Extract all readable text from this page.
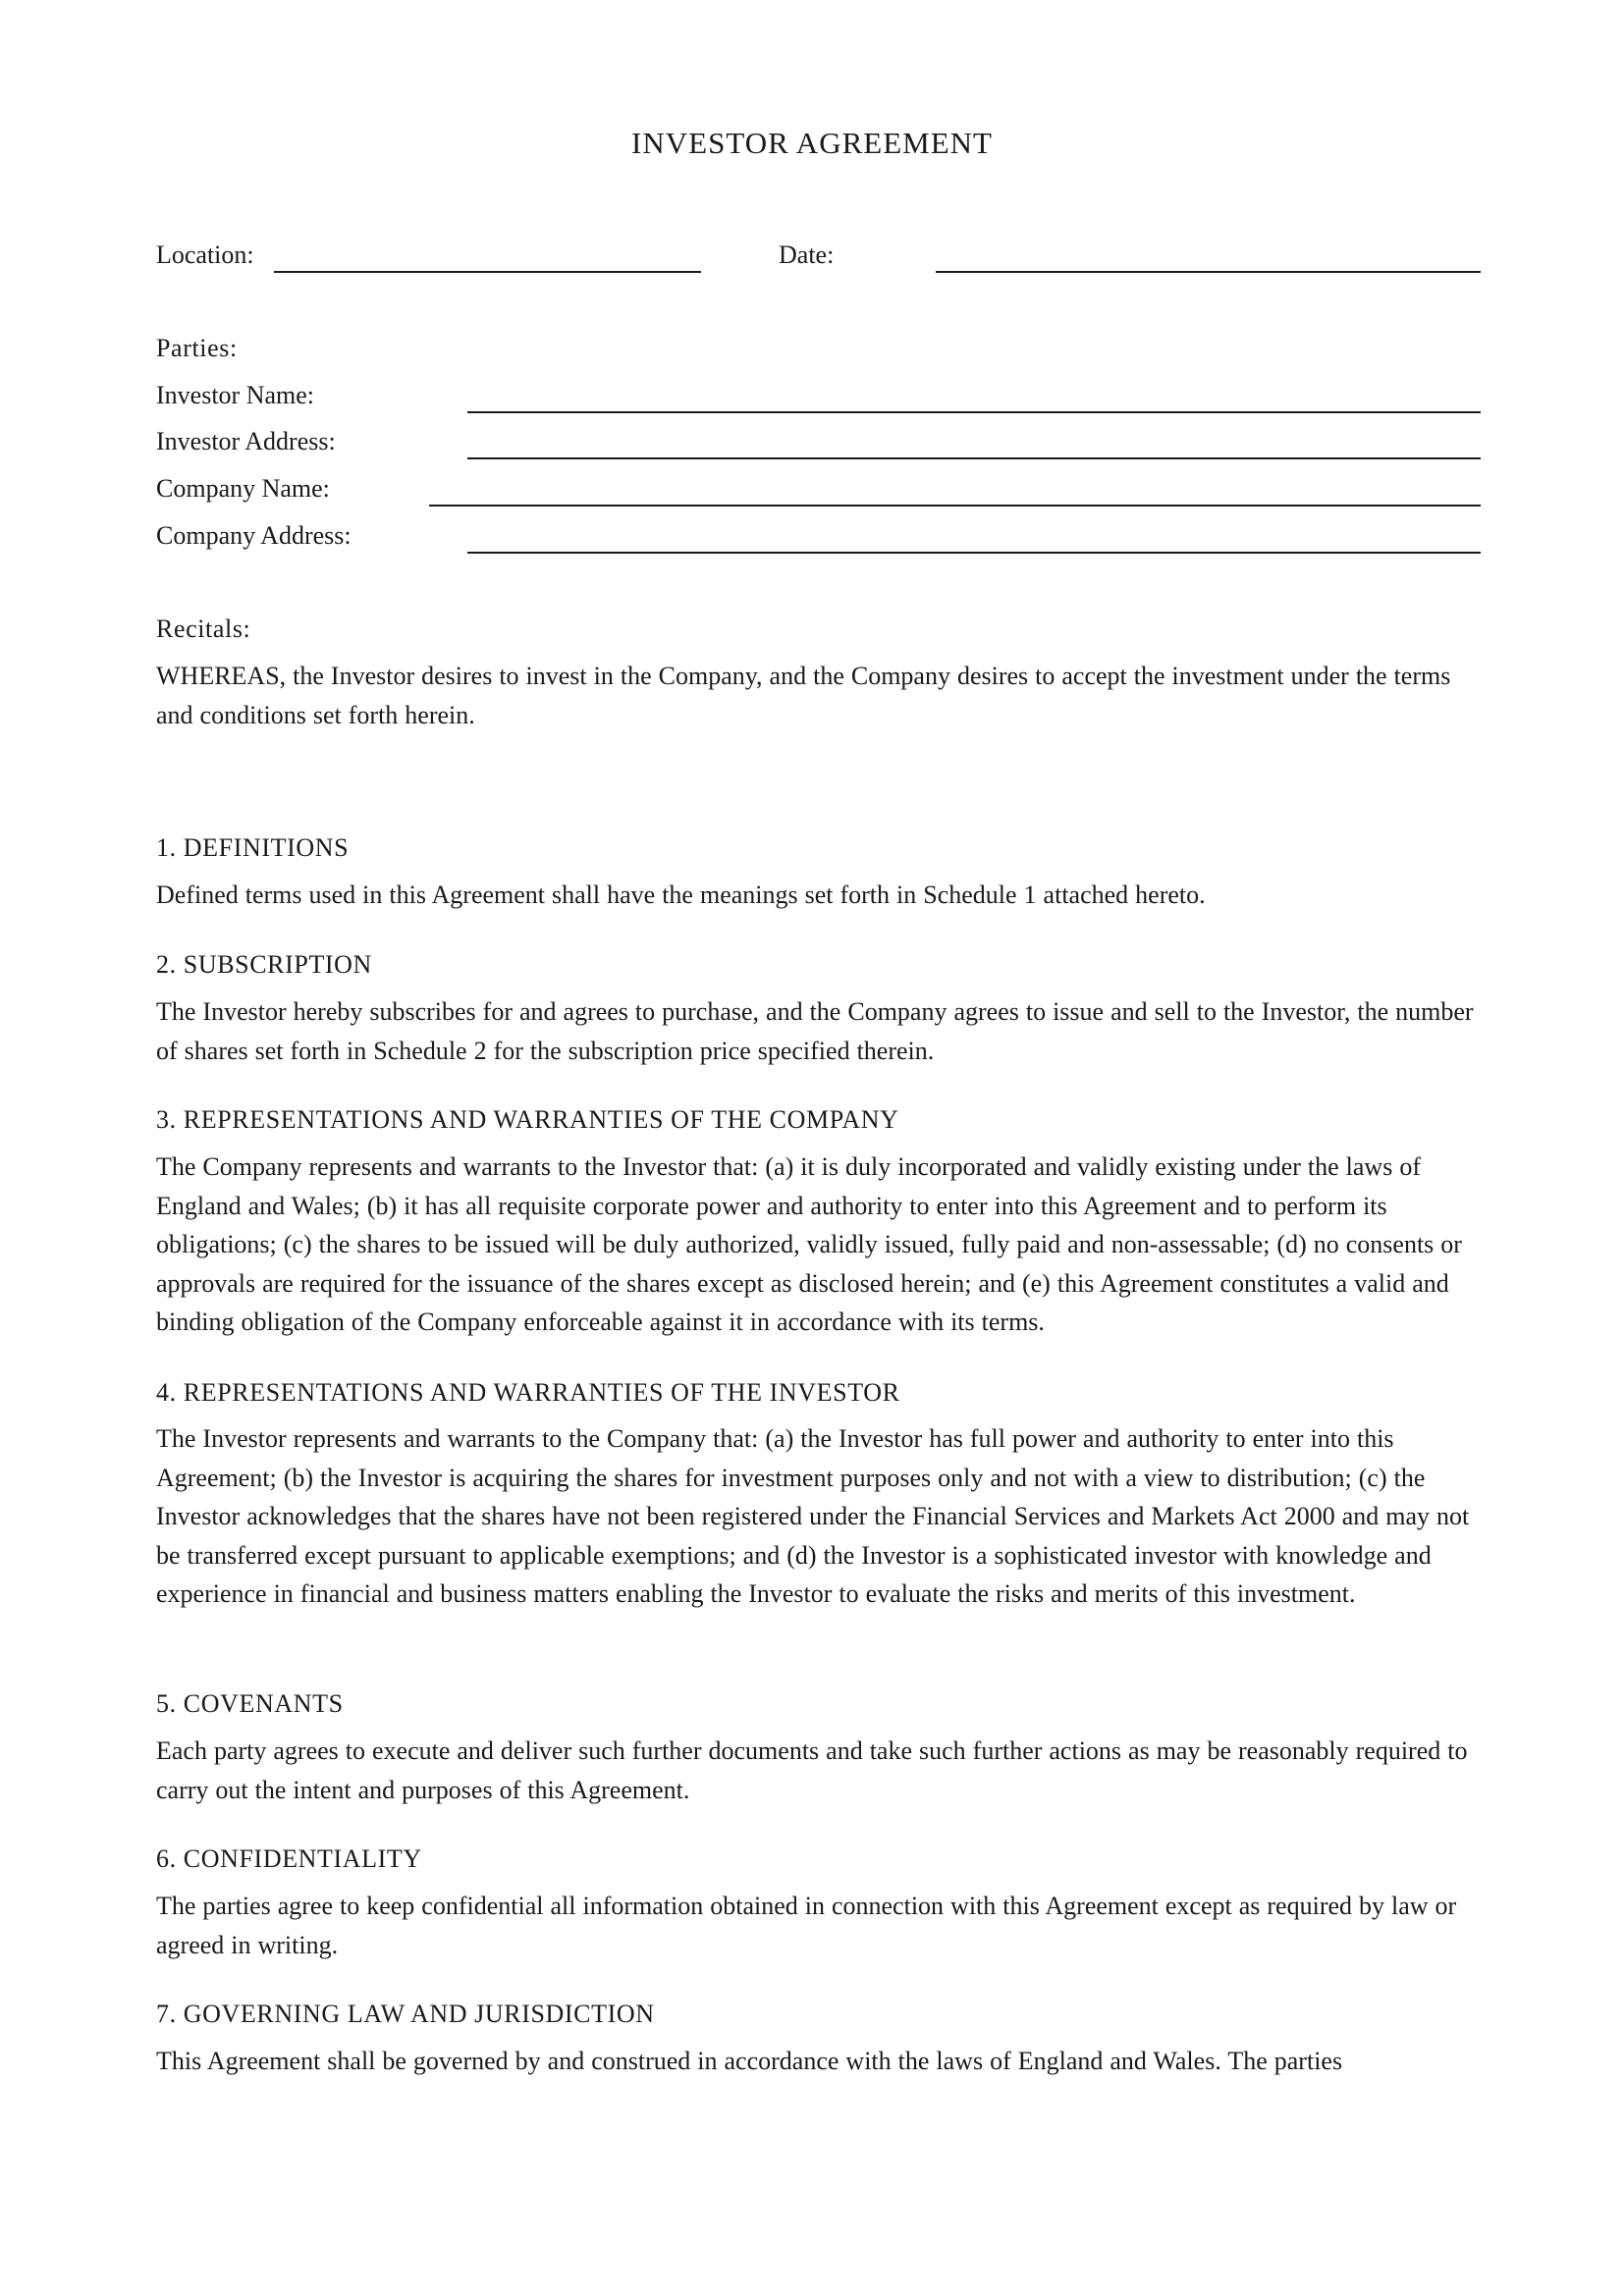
INVESTOR AGREEMENT
Location:	Date:
Parties:
Investor Name:
Investor Address:
Company Name:
Company Address:
Recitals:
WHEREAS, the Investor desires to invest in the Company, and the Company desires to accept the investment under the terms and conditions set forth herein.
1. DEFINITIONS
Defined terms used in this Agreement shall have the meanings set forth in Schedule 1 attached hereto.
2. SUBSCRIPTION
The Investor hereby subscribes for and agrees to purchase, and the Company agrees to issue and sell to the Investor, the number of shares set forth in Schedule 2 for the subscription price specified therein.
3. REPRESENTATIONS AND WARRANTIES OF THE COMPANY
The Company represents and warrants to the Investor that: (a) it is duly incorporated and validly existing under the laws of England and Wales; (b) it has all requisite corporate power and authority to enter into this Agreement and to perform its obligations; (c) the shares to be issued will be duly authorized, validly issued, fully paid and non-assessable; (d) no consents or approvals are required for the issuance of the shares except as disclosed herein; and (e) this Agreement constitutes a valid and binding obligation of the Company enforceable against it in accordance with its terms.
4. REPRESENTATIONS AND WARRANTIES OF THE INVESTOR
The Investor represents and warrants to the Company that: (a) the Investor has full power and authority to enter into this Agreement; (b) the Investor is acquiring the shares for investment purposes only and not with a view to distribution; (c) the Investor acknowledges that the shares have not been registered under the Financial Services and Markets Act 2000 and may not be transferred except pursuant to applicable exemptions; and (d) the Investor is a sophisticated investor with knowledge and experience in financial and business matters enabling the Investor to evaluate the risks and merits of this investment.
5. COVENANTS
Each party agrees to execute and deliver such further documents and take such further actions as may be reasonably required to carry out the intent and purposes of this Agreement.
6. CONFIDENTIALITY
The parties agree to keep confidential all information obtained in connection with this Agreement except as required by law or agreed in writing.
7. GOVERNING LAW AND JURISDICTION
This Agreement shall be governed by and construed in accordance with the laws of England and Wales. The parties
